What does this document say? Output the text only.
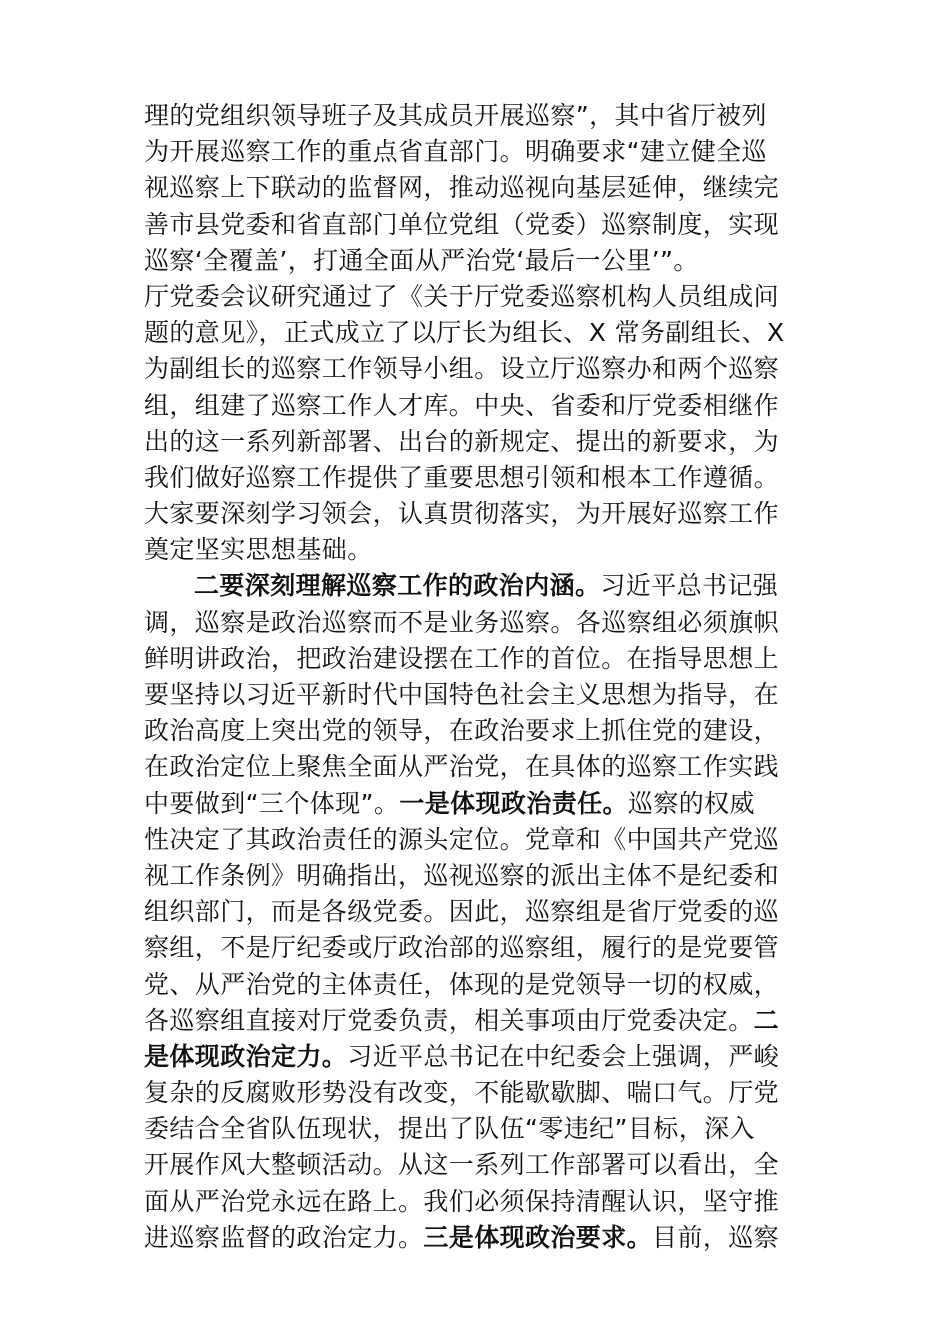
理的党组织领导班子及其成员开展巡察”，其中省厅被列
为开展巡察工作的重点省直部门。明确要求“建立健全巡
视巡察上下联动的监督网，推动巡视向基层延伸，继续完
善市县党委和省直部门单位党组（党委）巡察制度，实现
巡察‘全覆盖’，打通全面从严治党‘最后一公里’”。
厅党委会议研究通过了《关于厅党委巡察机构人员组成问
题的意见》，正式成立了以厅长为组长、X 常务副组长、X
为副组长的巡察工作领导小组。设立厅巡察办和两个巡察
组，组建了巡察工作人才库。中央、省委和厅党委相继作
出的这一系列新部署、出台的新规定、提出的新要求，为
我们做好巡察工作提供了重要思想引领和根本工作遵循。
大家要深刻学习领会，认真贯彻落实，为开展好巡察工作
奠定坚实思想基础。
二要深刻理解巡察工作的政治内涵。习近平总书记强
调，巡察是政治巡察而不是业务巡察。各巡察组必须旗帜
鲜明讲政治，把政治建设摆在工作的首位。在指导思想上
要坚持以习近平新时代中国特色社会主义思想为指导，在
政治高度上突出党的领导，在政治要求上抓住党的建设，
在政治定位上聚焦全面从严治党，在具体的巡察工作实践
中要做到“三个体现”。一是体现政治责任。巡察的权威
性决定了其政治责任的源头定位。党章和《中国共产党巡
视工作条例》明确指出，巡视巡察的派出主体不是纪委和
组织部门，而是各级党委。因此，巡察组是省厅党委的巡
察组，不是厅纪委或厅政治部的巡察组，履行的是党要管
党、从严治党的主体责任，体现的是党领导一切的权威，
各巡察组直接对厅党委负责，相关事项由厅党委决定。二
是体现政治定力。习近平总书记在中纪委会上强调，严峻
复杂的反腐败形势没有改变，不能歇歇脚、喘口气。厅党
委结合全省队伍现状，提出了队伍“零违纪”目标，深入
开展作风大整顿活动。从这一系列工作部署可以看出，全
面从严治党永远在路上。我们必须保持清醒认识，坚守推
进巡察监督的政治定力。三是体现政治要求。目前，巡察
